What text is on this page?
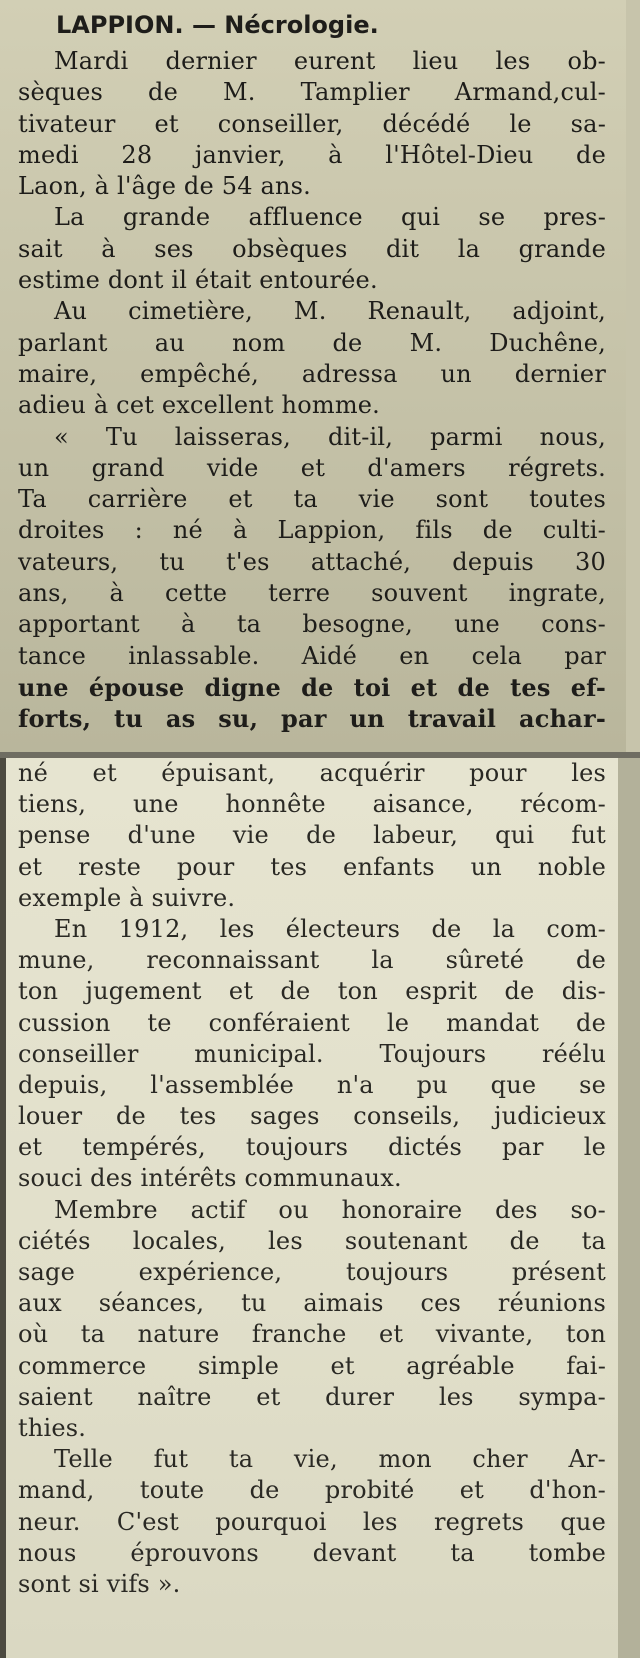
LAPPION. — Nécrologie.
Mardi dernier eurent lieu les ob-
sèques de M. Tamplier Armand,cul-
tivateur et conseiller, décédé le sa-
medi 28 janvier, à l'Hôtel-Dieu de
Laon, à l'âge de 54 ans.
La grande affluence qui se pres-
sait à ses obsèques dit la grande
estime dont il était entourée.
Au cimetière, M. Renault, adjoint,
parlant au nom de M. Duchêne,
maire, empêché, adressa un dernier
adieu à cet excellent homme.
« Tu laisseras, dit-il, parmi nous,
un grand vide et d'amers régrets.
Ta carrière et ta vie sont toutes
droites : né à Lappion, fils de culti-
vateurs, tu t'es attaché, depuis 30
ans, à cette terre souvent ingrate,
apportant à ta besogne, une cons-
tance inlassable. Aidé en cela par
une épouse digne de toi et de tes ef-
forts, tu as su, par un travail achar-
né et épuisant, acquérir pour les
tiens, une honnête aisance, récom-
pense d'une vie de labeur, qui fut
et reste pour tes enfants un noble
exemple à suivre.
En 1912, les électeurs de la com-
mune, reconnaissant la sûreté de
ton jugement et de ton esprit de dis-
cussion te conféraient le mandat de
conseiller municipal. Toujours réélu
depuis, l'assemblée n'a pu que se
louer de tes sages conseils, judicieux
et tempérés, toujours dictés par le
souci des intérêts communaux.
Membre actif ou honoraire des so-
ciétés locales, les soutenant de ta
sage expérience, toujours présent
aux séances, tu aimais ces réunions
où ta nature franche et vivante, ton
commerce simple et agréable fai-
saient naître et durer les sympa-
thies.
Telle fut ta vie, mon cher Ar-
mand, toute de probité et d'hon-
neur. C'est pourquoi les regrets que
nous éprouvons devant ta tombe
sont si vifs ».
